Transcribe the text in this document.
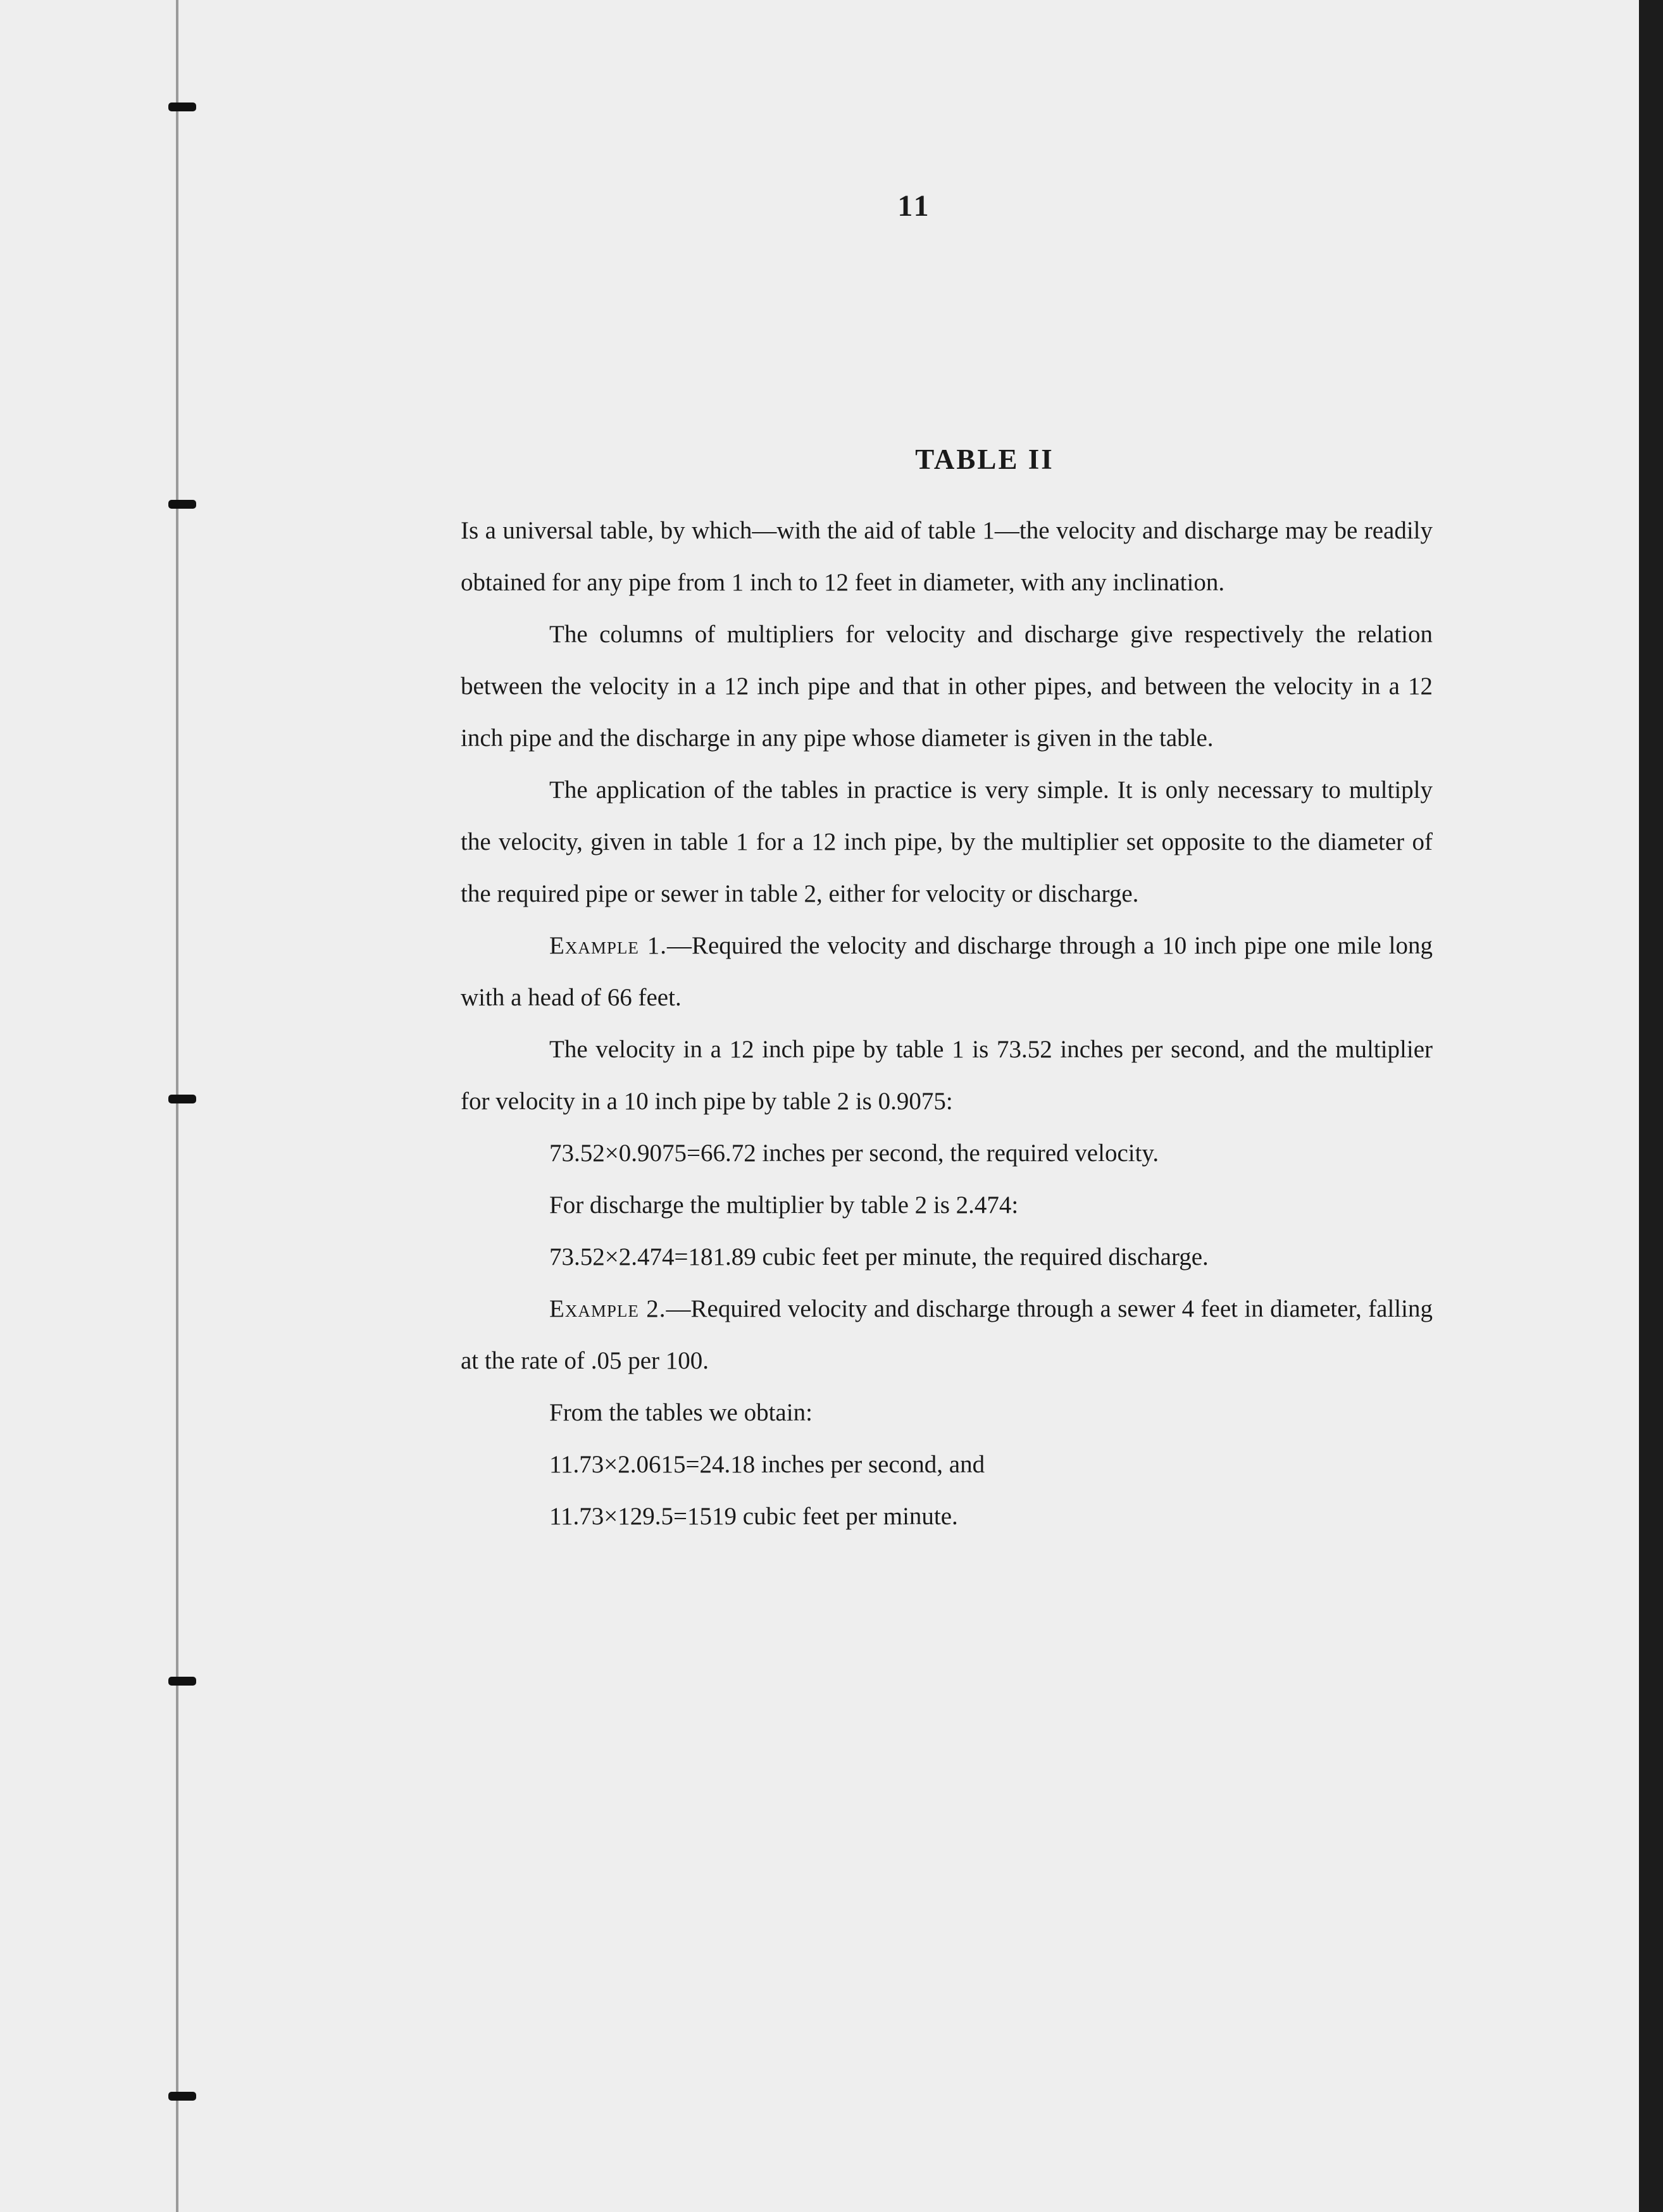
11
TABLE II

Is a universal table, by which—with the aid of table 1—the velocity and discharge may be readily obtained for any pipe from 1 inch to 12 feet in diameter, with any inclination.

The columns of multipliers for velocity and discharge give respectively the relation between the velocity in a 12 inch pipe and that in other pipes, and between the velocity in a 12 inch pipe and the discharge in any pipe whose diameter is given in the table.

The application of the tables in practice is very simple. It is only necessary to multiply the velocity, given in table 1 for a 12 inch pipe, by the multiplier set opposite to the diameter of the required pipe or sewer in table 2, either for velocity or discharge.

Example 1.—Required the velocity and discharge through a 10 inch pipe one mile long with a head of 66 feet.

The velocity in a 12 inch pipe by table 1 is 73.52 inches per second, and the multiplier for velocity in a 10 inch pipe by table 2 is 0.9075:

73.52×0.9075=66.72 inches per second, the required velocity.

For discharge the multiplier by table 2 is 2.474:

73.52×2.474=181.89 cubic feet per minute, the required discharge.

Example 2.—Required velocity and discharge through a sewer 4 feet in diameter, falling at the rate of .05 per 100.

From the tables we obtain:

11.73×2.0615=24.18 inches per second, and

11.73×129.5=1519 cubic feet per minute.
